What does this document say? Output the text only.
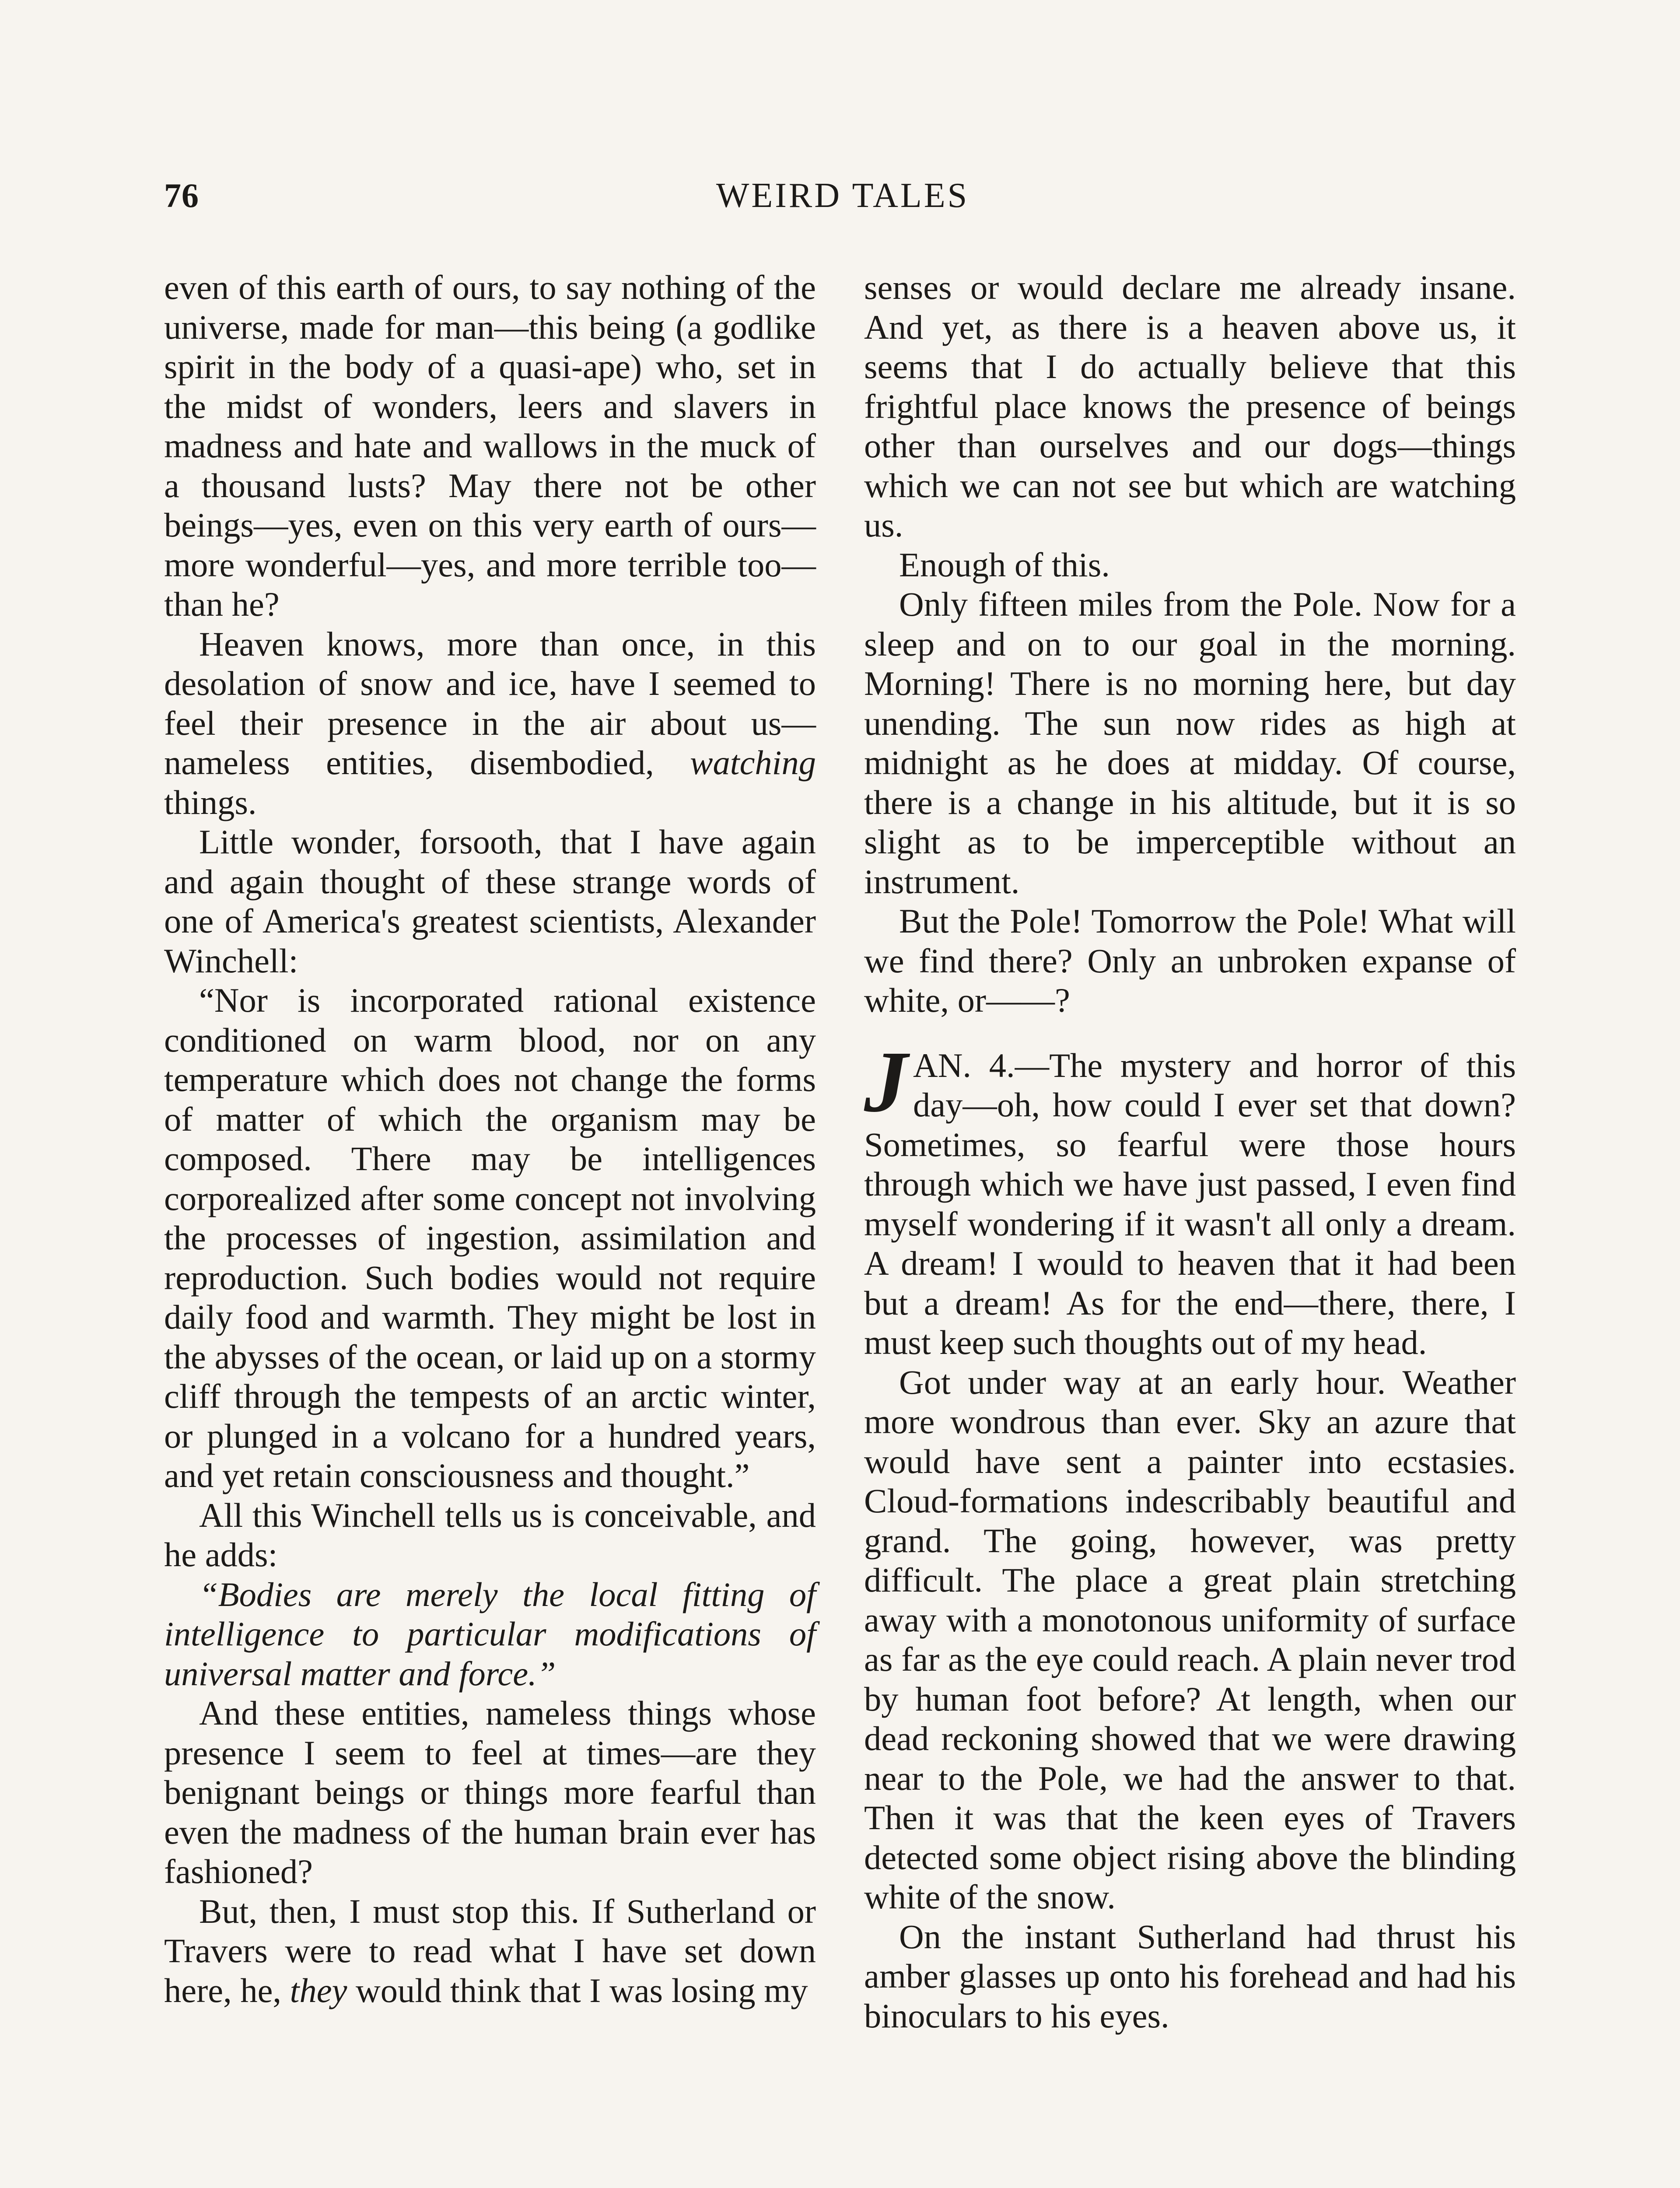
76	WEIRD TALES

even of this earth of ours, to say nothing of the universe, made for man—this being (a godlike spirit in the body of a quasi-ape) who, set in the midst of wonders, leers and slavers in madness and hate and wallows in the muck of a thousand lusts? May there not be other beings—yes, even on this very earth of ours—more wonderful—yes, and more terrible too—than he?

Heaven knows, more than once, in this desolation of snow and ice, have I seemed to feel their presence in the air about us—nameless entities, disembodied, watching things.

Little wonder, forsooth, that I have again and again thought of these strange words of one of America's greatest scientists, Alexander Winchell:

“Nor is incorporated rational existence conditioned on warm blood, nor on any temperature which does not change the forms of matter of which the organism may be composed. There may be intelligences corporealized after some concept not involving the processes of ingestion, assimilation and reproduction. Such bodies would not require daily food and warmth. They might be lost in the abysses of the ocean, or laid up on a stormy cliff through the tempests of an arctic winter, or plunged in a volcano for a hundred years, and yet retain consciousness and thought.”

All this Winchell tells us is conceivable, and he adds:

“Bodies are merely the local fitting of intelligence to particular modifications of universal matter and force.”

And these entities, nameless things whose presence I seem to feel at times—are they benignant beings or things more fearful than even the madness of the human brain ever has fashioned?

But, then, I must stop this. If Sutherland or Travers were to read what I have set down here, he, they would think that I was losing my

senses or would declare me already insane. And yet, as there is a heaven above us, it seems that I do actually believe that this frightful place knows the presence of beings other than ourselves and our dogs—things which we can not see but which are watching us.

Enough of this.

Only fifteen miles from the Pole. Now for a sleep and on to our goal in the morning. Morning! There is no morning here, but day unending. The sun now rides as high at midnight as he does at midday. Of course, there is a change in his altitude, but it is so slight as to be imperceptible without an instrument.

But the Pole! Tomorrow the Pole! What will we find there? Only an unbroken expanse of white, or——?

JAN. 4.—The mystery and horror of this day—oh, how could I ever set that down? Sometimes, so fearful were those hours through which we have just passed, I even find myself wondering if it wasn't all only a dream. A dream! I would to heaven that it had been but a dream! As for the end—there, there, I must keep such thoughts out of my head.

Got under way at an early hour. Weather more wondrous than ever. Sky an azure that would have sent a painter into ecstasies. Cloud-formations indescribably beautiful and grand. The going, however, was pretty difficult. The place a great plain stretching away with a monotonous uniformity of surface as far as the eye could reach. A plain never trod by human foot before? At length, when our dead reckoning showed that we were drawing near to the Pole, we had the answer to that. Then it was that the keen eyes of Travers detected some object rising above the blinding white of the snow.

On the instant Sutherland had thrust his amber glasses up onto his forehead and had his binoculars to his eyes.
